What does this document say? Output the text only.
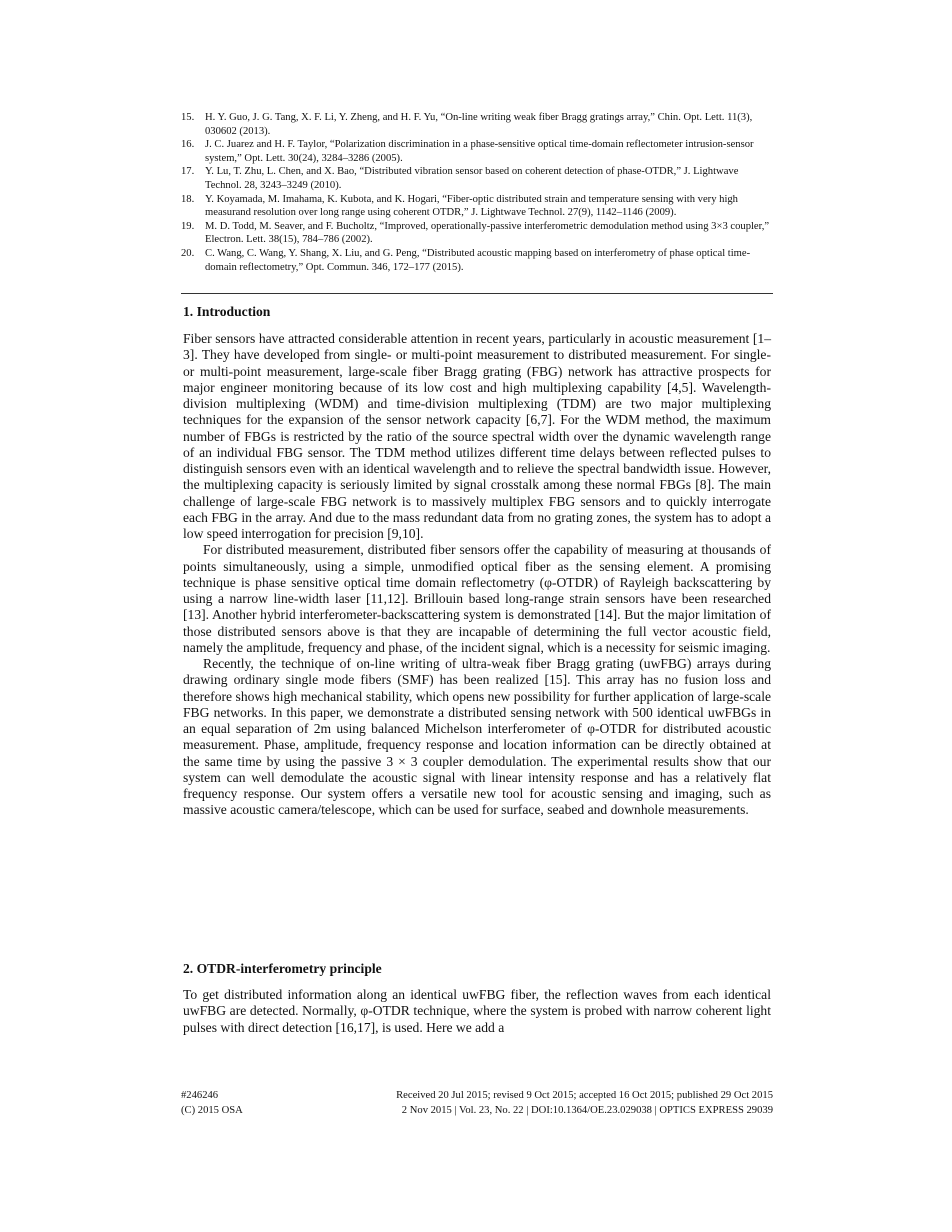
15.	H. Y. Guo, J. G. Tang, X. F. Li, Y. Zheng, and H. F. Yu, “On-line writing weak fiber Bragg gratings array,” Chin. Opt. Lett. 11(3), 030602 (2013).
16.	J. C. Juarez and H. F. Taylor, “Polarization discrimination in a phase-sensitive optical time-domain reflectometer intrusion-sensor system,” Opt. Lett. 30(24), 3284–3286 (2005).
17.	Y. Lu, T. Zhu, L. Chen, and X. Bao, “Distributed vibration sensor based on coherent detection of phase-OTDR,” J. Lightwave Technol. 28, 3243–3249 (2010).
18.	Y. Koyamada, M. Imahama, K. Kubota, and K. Hogari, “Fiber-optic distributed strain and temperature sensing with very high measurand resolution over long range using coherent OTDR,” J. Lightwave Technol. 27(9), 1142–1146 (2009).
19.	M. D. Todd, M. Seaver, and F. Bucholtz, “Improved, operationally-passive interferometric demodulation method using 3×3 coupler,” Electron. Lett. 38(15), 784–786 (2002).
20.	C. Wang, C. Wang, Y. Shang, X. Liu, and G. Peng, “Distributed acoustic mapping based on interferometry of phase optical time-domain reflectometry,” Opt. Commun. 346, 172–177 (2015).
1. Introduction

Fiber sensors have attracted considerable attention in recent years, particularly in acoustic measurement [1–3]. They have developed from single- or multi-point measurement to distributed measurement. For single- or multi-point measurement, large-scale fiber Bragg grating (FBG) network has attractive prospects for major engineer monitoring because of its low cost and high multiplexing capability [4,5]. Wavelength-division multiplexing (WDM) and time-division multiplexing (TDM) are two major multiplexing techniques for the expansion of the sensor network capacity [6,7]. For the WDM method, the maximum number of FBGs is restricted by the ratio of the source spectral width over the dynamic wavelength range of an individual FBG sensor. The TDM method utilizes different time delays between reflected pulses to distinguish sensors even with an identical wavelength and to relieve the spectral bandwidth issue. However, the multiplexing capacity is seriously limited by signal crosstalk among these normal FBGs [8]. The main challenge of large-scale FBG network is to massively multiplex FBG sensors and to quickly interrogate each FBG in the array. And due to the mass redundant data from no grating zones, the system has to adopt a low speed interrogation for precision [9,10].

For distributed measurement, distributed fiber sensors offer the capability of measuring at thousands of points simultaneously, using a simple, unmodified optical fiber as the sensing element. A promising technique is phase sensitive optical time domain reflectometry (φ-OTDR) of Rayleigh backscattering by using a narrow line-width laser [11,12]. Brillouin based long-range strain sensors have been researched [13]. Another hybrid interferometer-backscattering system is demonstrated [14]. But the major limitation of those distributed sensors above is that they are incapable of determining the full vector acoustic field, namely the amplitude, frequency and phase, of the incident signal, which is a necessity for seismic imaging.

Recently, the technique of on-line writing of ultra-weak fiber Bragg grating (uwFBG) arrays during drawing ordinary single mode fibers (SMF) has been realized [15]. This array has no fusion loss and therefore shows high mechanical stability, which opens new possibility for further application of large-scale FBG networks. In this paper, we demonstrate a distributed sensing network with 500 identical uwFBGs in an equal separation of 2m using balanced Michelson interferometer of φ-OTDR for distributed acoustic measurement. Phase, amplitude, frequency response and location information can be directly obtained at the same time by using the passive 3 × 3 coupler demodulation. The experimental results show that our system can well demodulate the acoustic signal with linear intensity response and has a relatively flat frequency response. Our system offers a versatile new tool for acoustic sensing and imaging, such as massive acoustic camera/telescope, which can be used for surface, seabed and downhole measurements.

2. OTDR-interferometry principle

To get distributed information along an identical uwFBG fiber, the reflection waves from each identical uwFBG are detected. Normally, φ-OTDR technique, where the system is probed with narrow coherent light pulses with direct detection [16,17], is used. Here we add a

#246246	Received 20 Jul 2015; revised 9 Oct 2015; accepted 16 Oct 2015; published 29 Oct 2015
(C) 2015 OSA	2 Nov 2015 | Vol. 23, No. 22 | DOI:10.1364/OE.23.029038 | OPTICS EXPRESS 29039
